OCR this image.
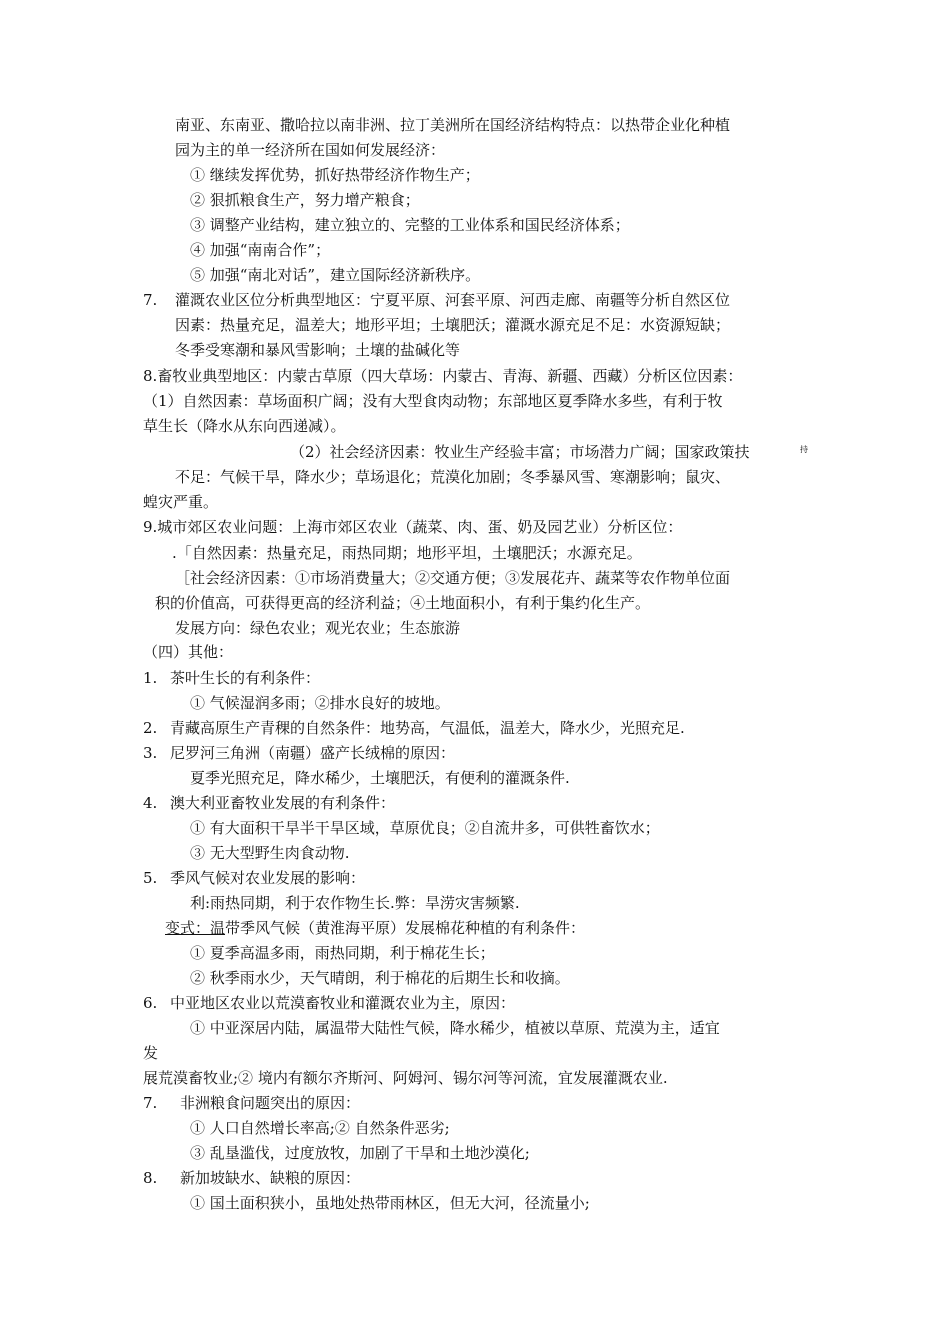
南亚、东南亚、撒哈拉以南非洲、拉丁美洲所在国经济结构特点：以热带企业化种植
园为主的单一经济所在国如何发展经济：
① 继续发挥优势，抓好热带经济作物生产；
② 狠抓粮食生产，努力增产粮食；
③ 调整产业结构，建立独立的、完整的工业体系和国民经济体系；
④ 加强“南南合作”；
⑤ 加强“南北对话”，建立国际经济新秩序。
7. 灌溉农业区位分析典型地区：宁夏平原、河套平原、河西走廊、南疆等分析自然区位
因素：热量充足，温差大；地形平坦；土壤肥沃；灌溉水源充足不足：水资源短缺；
冬季受寒潮和暴风雪影响；土壤的盐碱化等
8.畜牧业典型地区：内蒙古草原（四大草场：内蒙古、青海、新疆、西藏）分析区位因素：
（1）自然因素：草场面积广阔；没有大型食肉动物；东部地区夏季降水多些，有利于牧
草生长（降水从东向西递减）。
（2）社会经济因素：牧业生产经验丰富；市场潜力广阔；国家政策扶	持
不足：气候干旱，降水少；草场退化；荒漠化加剧；冬季暴风雪、寒潮影响；鼠灾、
蝗灾严重。
9.城市郊区农业问题：上海市郊区农业（蔬菜、肉、蛋、奶及园艺业）分析区位：
.「自然因素：热量充足，雨热同期；地形平坦，土壤肥沃；水源充足。
［社会经济因素：①市场消费量大；②交通方便；③发展花卉、蔬菜等农作物单位面
积的价值高，可获得更高的经济利益；④土地面积小，有利于集约化生产。
发展方向：绿色农业；观光农业；生态旅游
（四）其他：
1. 茶叶生长的有利条件：
① 气候湿润多雨；②排水良好的坡地。
2. 青藏高原生产青稞的自然条件：地势高，气温低，温差大，降水少，光照充足.
3. 尼罗河三角洲（南疆）盛产长绒棉的原因：
夏季光照充足，降水稀少，土壤肥沃，有便利的灌溉条件.
4. 澳大利亚畜牧业发展的有利条件：
① 有大面积干旱半干旱区域，草原优良；②自流井多，可供牲畜饮水；
③ 无大型野生肉食动物.
5. 季风气候对农业发展的影响：
利:雨热同期，利于农作物生长.弊：旱涝灾害频繁.
变式：温带季风气候（黄淮海平原）发展棉花种植的有利条件：
① 夏季高温多雨，雨热同期，利于棉花生长；
② 秋季雨水少，天气晴朗，利于棉花的后期生长和收摘。
6. 中亚地区农业以荒漠畜牧业和灌溉农业为主，原因：
① 中亚深居内陆，属温带大陆性气候，降水稀少，植被以草原、荒漠为主，适宜
发
展荒漠畜牧业;② 境内有额尔齐斯河、阿姆河、锡尔河等河流，宜发展灌溉农业.
7. 非洲粮食问题突出的原因：
① 人口自然增长率高;② 自然条件恶劣;
③ 乱垦滥伐，过度放牧，加剧了干旱和土地沙漠化;
8. 新加坡缺水、缺粮的原因：
① 国土面积狭小，虽地处热带雨林区，但无大河，径流量小;
